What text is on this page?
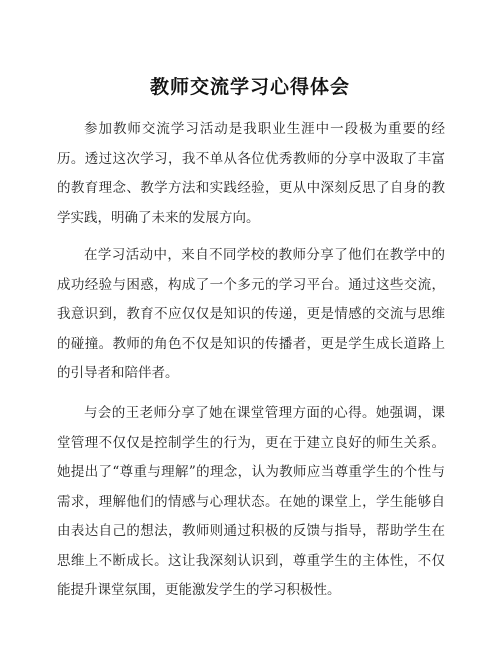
教师交流学习心得体会

参加教师交流学习活动是我职业生涯中一段极为重要的经历。透过这次学习，我不单从各位优秀教师的分享中汲取了丰富的教育理念、教学方法和实践经验，更从中深刻反思了自身的教学实践，明确了未来的发展方向。

在学习活动中，来自不同学校的教师分享了他们在教学中的成功经验与困惑，构成了一个多元的学习平台。通过这些交流，我意识到，教育不应仅仅是知识的传递，更是情感的交流与思维的碰撞。教师的角色不仅是知识的传播者，更是学生成长道路上的引导者和陪伴者。

与会的王老师分享了她在课堂管理方面的心得。她强调，课堂管理不仅仅是控制学生的行为，更在于建立良好的师生关系。她提出了“尊重与理解”的理念，认为教师应当尊重学生的个性与需求，理解他们的情感与心理状态。在她的课堂上，学生能够自由表达自己的想法，教师则通过积极的反馈与指导，帮助学生在思维上不断成长。这让我深刻认识到，尊重学生的主体性，不仅能提升课堂氛围，更能激发学生的学习积极性。
